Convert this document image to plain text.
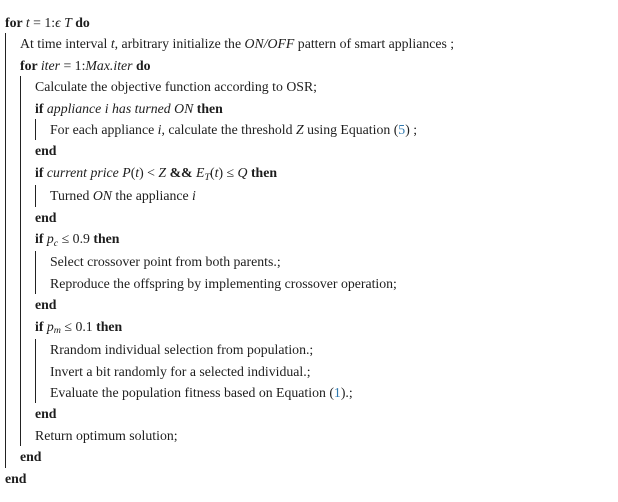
for t = 1:ϵ T do
At time interval t, arbitrary initialize the ON/OFF pattern of smart appliances ;
for iter = 1:Max.iter do
Calculate the objective function according to OSR;
if appliance i has turned ON then
For each appliance i, calculate the threshold Z using Equation (5) ;
end
if current price P(t) < Z && $E_T(t) \le Q$ then
Turned ON the appliance i
end
if $p_c \le 0.9$ then
Select crossover point from both parents.;
Reproduce the offspring by implementing crossover operation;
end
if $p_m \le 0.1$ then
Rrandom individual selection from population.;
Invert a bit randomly for a selected individual.;
Evaluate the population fitness based on Equation (1).;
end
Return optimum solution;
end
end
